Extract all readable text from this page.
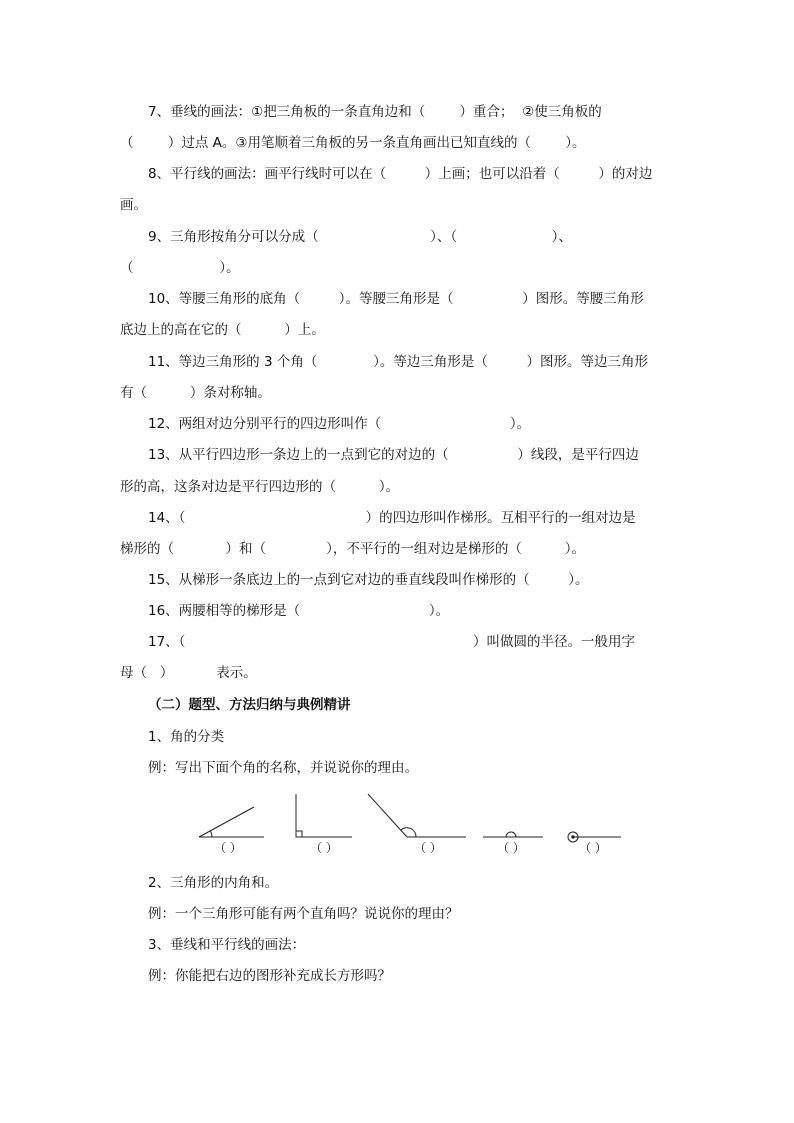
7、垂线的画法：①把三角板的一条直角边和（        ）重合；  ②使三角板的
（        ）过点 A。③用笔顺着三角板的另一条直角画出已知直线的（        ）。
8、平行线的画法：画平行线时可以在（         ）上画；也可以沿着（         ）的对边
画。
9、三角形按角分可以分成（                          ）、（                      ）、
（                    ）。
10、等腰三角形的底角（         ）。等腰三角形是（                ）图形。等腰三角形
底边上的高在它的（          ）上。
11、等边三角形的 3 个角（             ）。等边三角形是（         ）图形。等边三角形
有（          ）条对称轴。
12、两组对边分别平行的四边形叫作（                              ）。
13、从平行四边形一条边上的一点到它的对边的（                ）线段，是平行四边
形的高，这条对边是平行四边形的（          ）。
14、（                                          ）的四边形叫作梯形。互相平行的一组对边是
梯形的（            ）和（              ），不平行的一组对边是梯形的（          ）。
15、从梯形一条底边上的一点到它对边的垂直线段叫作梯形的（         ）。
16、两腰相等的梯形是（                              ）。
17、（                                                                   ）叫做圆的半径。一般用字
母（   ）          表示。
（二）题型、方法归纳与典例精讲
1、角的分类
例：写出下面个角的名称，并说说你的理由。
（ ）	（ ）	（ ）	（ ）	（ ）
2、三角形的内角和。
例：一个三角形可能有两个直角吗？说说你的理由？
3、垂线和平行线的画法：
例：你能把右边的图形补充成长方形吗？
